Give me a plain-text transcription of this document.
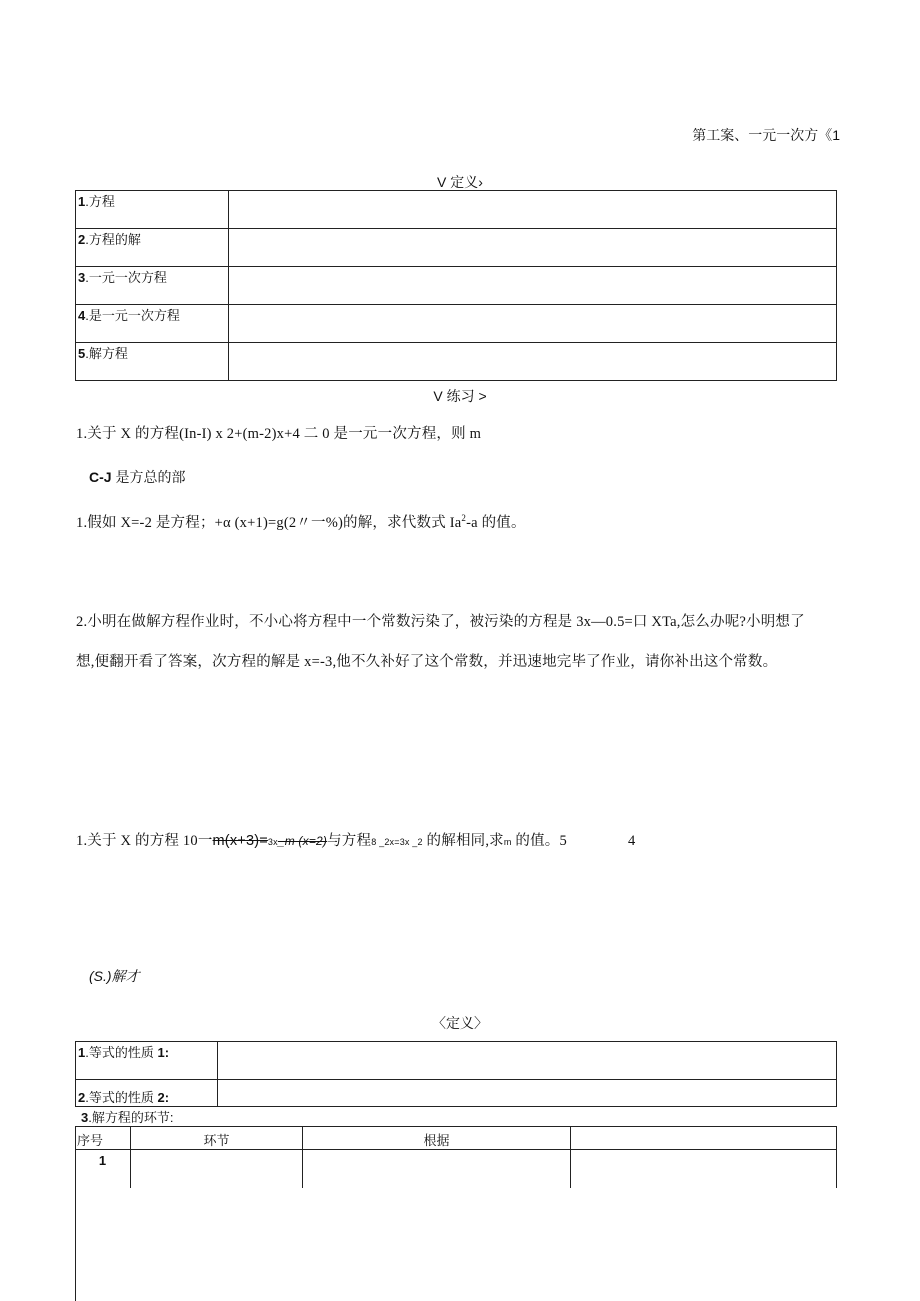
第工案、一元一次方《1
V 定义›
1.方程	
2.方程的解	
3.一元一次方程	
4.是一元一次方程	
5.解方程	
V 练习 >
1.关于 X 的方程(In-I) x 2+(m-2)x+4 二 0 是一元一次方程，则 m
C-J 是方总的部
1.假如 X=-2 是方程；+α (x+1)=g(2〃一%)的解，求代数式 Ia$^2$-a 的值。
2.小明在做解方程作业时，不小心将方程中一个常数污染了，被污染的方程是 3x—0.5=口 XTa,怎么办呢?小明想了
想,便翻开看了答案，次方程的解是 x=-3,他不久补好了这个常数，并迅速地完毕了作业，请你补出这个常数。
1.关于 X 的方程 10一m(x+3)=3x_m (x=2)与方程8 _2x=3x _2 的解相同,求m 的值。5	4
(S.)解才
〈定义〉
1.等式的性质 1:	
2.等式的性质 2:	
3.解方程的环节:
序号	环节	根据
1
